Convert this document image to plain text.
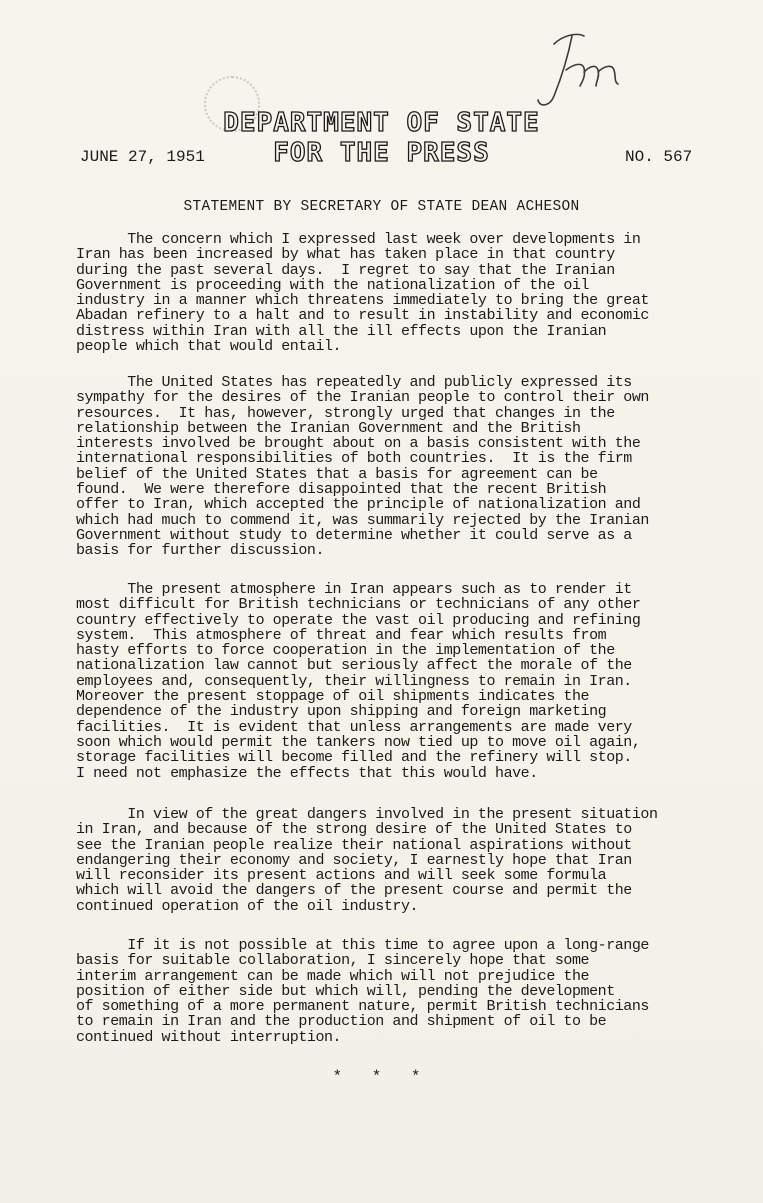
DEPARTMENT OF STATE
FOR THE PRESS
JUNE 27, 1951	NO. 567
STATEMENT BY SECRETARY OF STATE DEAN ACHESON
The concern which I expressed last week over developments in
Iran has been increased by what has taken place in that country
during the past several days.  I regret to say that the Iranian
Government is proceeding with the nationalization of the oil
industry in a manner which threatens immediately to bring the great
Abadan refinery to a halt and to result in instability and economic
distress within Iran with all the ill effects upon the Iranian
people which that would entail.
The United States has repeatedly and publicly expressed its
sympathy for the desires of the Iranian people to control their own
resources.  It has, however, strongly urged that changes in the
relationship between the Iranian Government and the British
interests involved be brought about on a basis consistent with the
international responsibilities of both countries.  It is the firm
belief of the United States that a basis for agreement can be
found.  We were therefore disappointed that the recent British
offer to Iran, which accepted the principle of nationalization and
which had much to commend it, was summarily rejected by the Iranian
Government without study to determine whether it could serve as a
basis for further discussion.
The present atmosphere in Iran appears such as to render it
most difficult for British technicians or technicians of any other
country effectively to operate the vast oil producing and refining
system.  This atmosphere of threat and fear which results from
hasty efforts to force cooperation in the implementation of the
nationalization law cannot but seriously affect the morale of the
employees and, consequently, their willingness to remain in Iran.
Moreover the present stoppage of oil shipments indicates the
dependence of the industry upon shipping and foreign marketing
facilities.  It is evident that unless arrangements are made very
soon which would permit the tankers now tied up to move oil again,
storage facilities will become filled and the refinery will stop.
I need not emphasize the effects that this would have.
In view of the great dangers involved in the present situation
in Iran, and because of the strong desire of the United States to
see the Iranian people realize their national aspirations without
endangering their economy and society, I earnestly hope that Iran
will reconsider its present actions and will seek some formula
which will avoid the dangers of the present course and permit the
continued operation of the oil industry.
If it is not possible at this time to agree upon a long-range
basis for suitable collaboration, I sincerely hope that some
interim arrangement can be made which will not prejudice the
position of either side but which will, pending the development
of something of a more permanent nature, permit British technicians
to remain in Iran and the production and shipment of oil to be
continued without interruption.
* * *
